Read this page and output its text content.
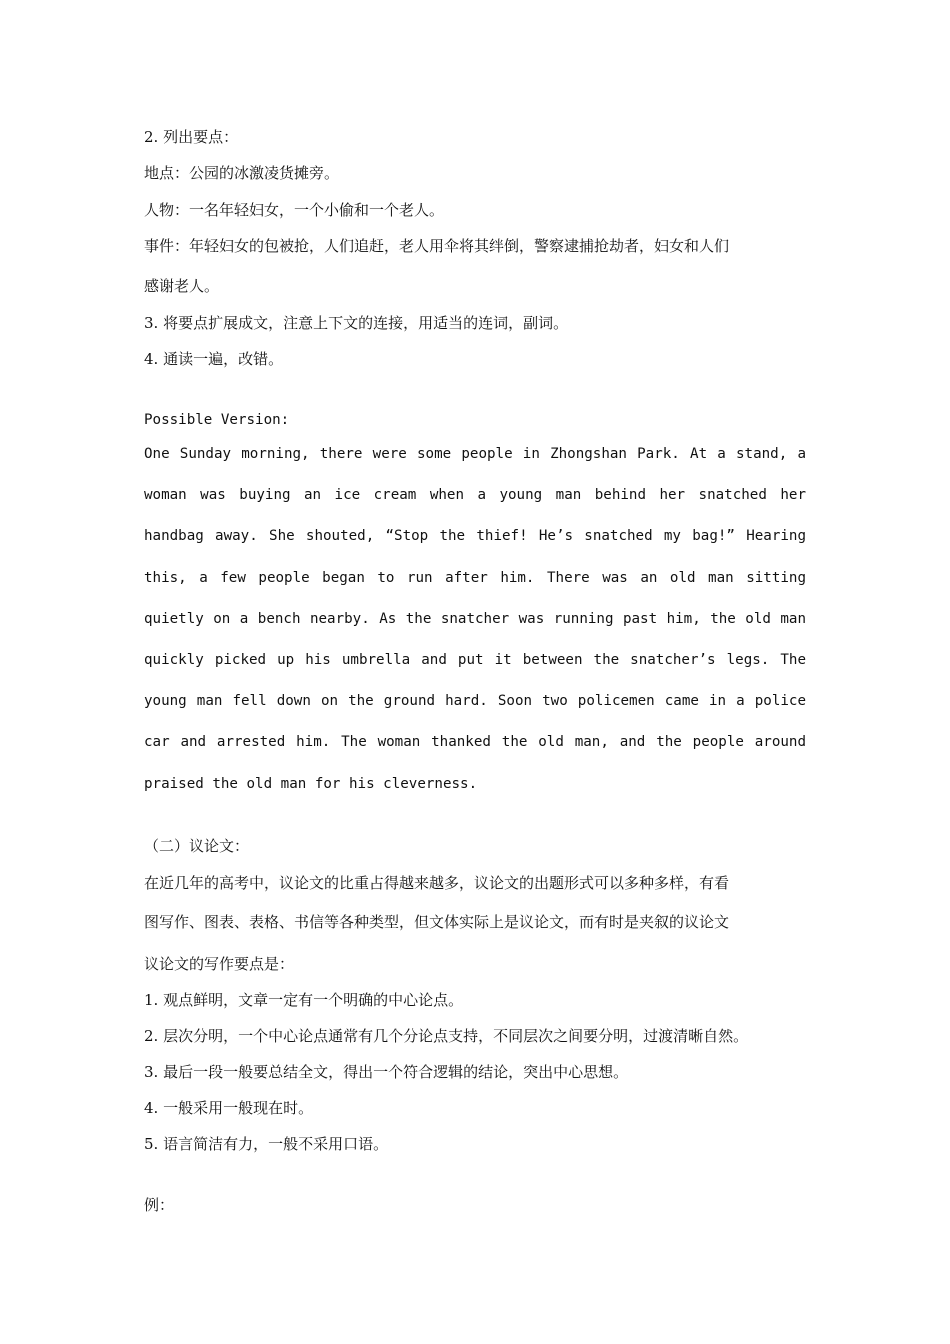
2. 列出要点：
地点：公园的冰激凌货摊旁。
人物：一名年轻妇女，一个小偷和一个老人。
事件：年轻妇女的包被抢，人们追赶，老人用伞将其绊倒，警察逮捕抢劫者，妇女和人们
感谢老人。
3. 将要点扩展成文，注意上下文的连接，用适当的连词，副词。
4. 通读一遍，改错。
Possible Version:

One Sunday morning, there were some people in Zhongshan Park. At a stand, a woman was buying an ice cream when a young man behind her snatched her handbag away. She shouted, “Stop the thief! He’s snatched my bag!” Hearing this, a few people began to run after him. There was an old man sitting quietly on a bench nearby. As the snatcher was running past him, the old man quickly picked up his umbrella and put it between the snatcher’s legs. The young man fell down on the ground hard. Soon two policemen came in a police car and arrested him. The woman thanked the old man, and the people around praised the old man for his cleverness.

（二）议论文：
在近几年的高考中，议论文的比重占得越来越多，议论文的出题形式可以多种多样，有看
图写作、图表、表格、书信等各种类型，但文体实际上是议论文，而有时是夹叙的议论文
议论文的写作要点是：
1. 观点鲜明，文章一定有一个明确的中心论点。
2. 层次分明，一个中心论点通常有几个分论点支持，不同层次之间要分明，过渡清晰自然。
3. 最后一段一般要总结全文，得出一个符合逻辑的结论，突出中心思想。
4. 一般采用一般现在时。
5. 语言简洁有力，一般不采用口语。
例：
